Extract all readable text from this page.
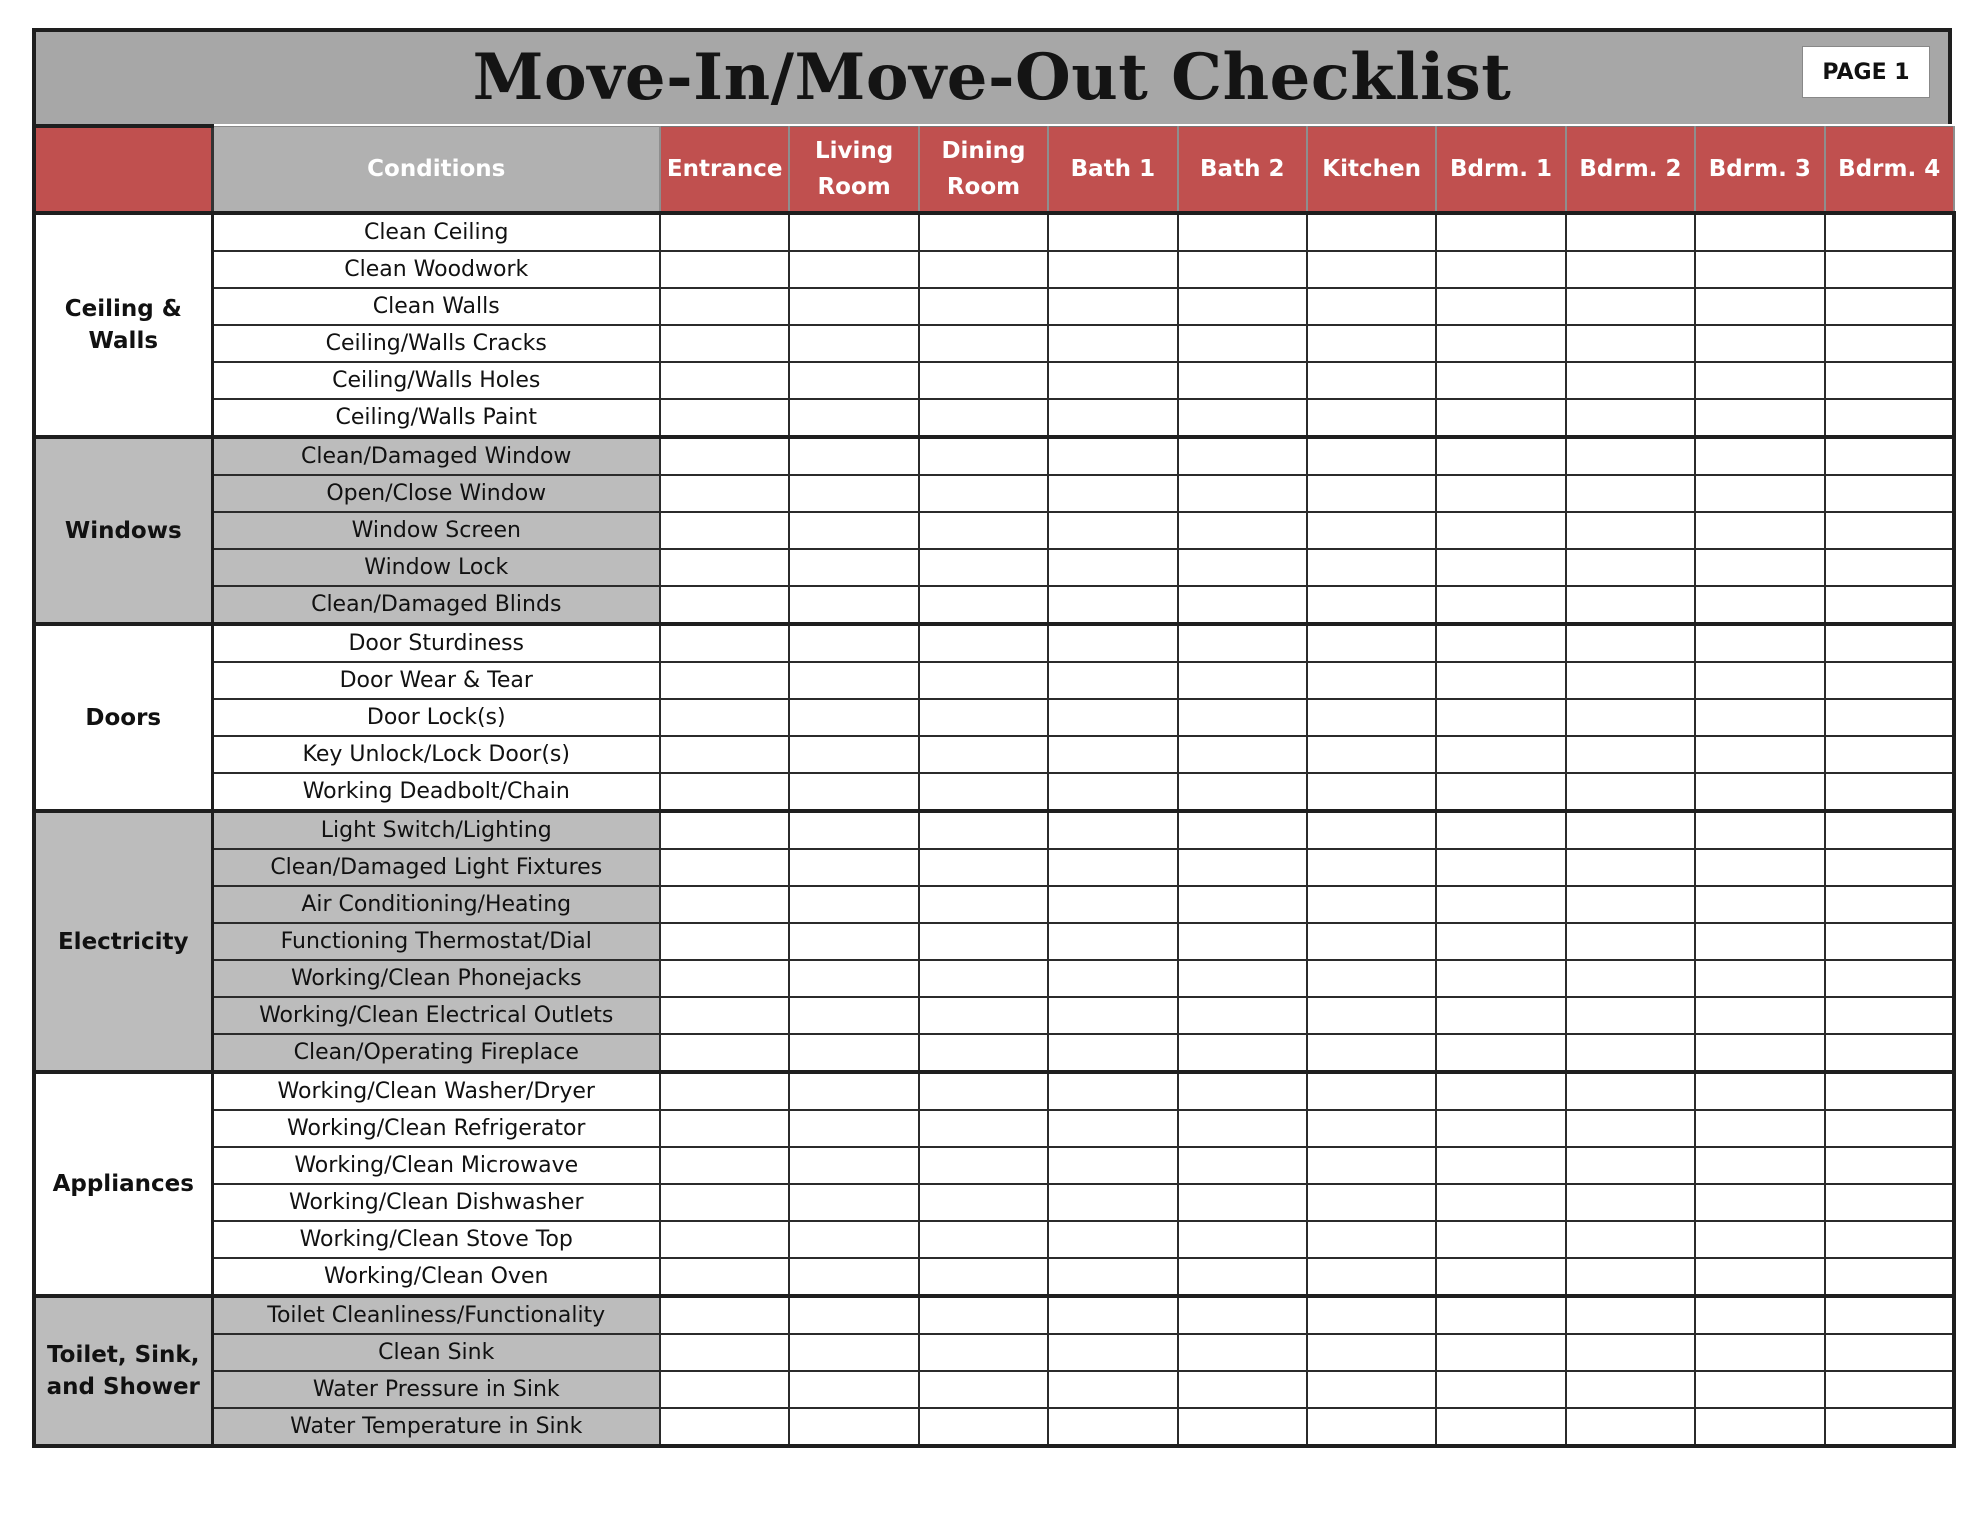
Move-In/Move-Out Checklist	PAGE 1
	Conditions	Entrance	Living Room	Dining Room	Bath 1	Bath 2	Kitchen	Bdrm. 1	Bdrm. 2	Bdrm. 3	Bdrm. 4
Ceiling & Walls	Clean Ceiling										
	Clean Woodwork										
	Clean Walls										
	Ceiling/Walls Cracks										
	Ceiling/Walls Holes										
	Ceiling/Walls Paint										
Windows	Clean/Damaged Window										
	Open/Close Window										
	Window Screen										
	Window Lock										
	Clean/Damaged Blinds										
Doors	Door Sturdiness										
	Door Wear & Tear										
	Door Lock(s)										
	Key Unlock/Lock Door(s)										
	Working Deadbolt/Chain										
Electricity	Light Switch/Lighting										
	Clean/Damaged Light Fixtures										
	Air Conditioning/Heating										
	Functioning Thermostat/Dial										
	Working/Clean Phonejacks										
	Working/Clean Electrical Outlets										
	Clean/Operating Fireplace										
Appliances	Working/Clean Washer/Dryer										
	Working/Clean Refrigerator										
	Working/Clean Microwave										
	Working/Clean Dishwasher										
	Working/Clean Stove Top										
	Working/Clean Oven										
Toilet, Sink, and Shower	Toilet Cleanliness/Functionality										
	Clean Sink										
	Water Pressure in Sink										
	Water Temperature in Sink										
